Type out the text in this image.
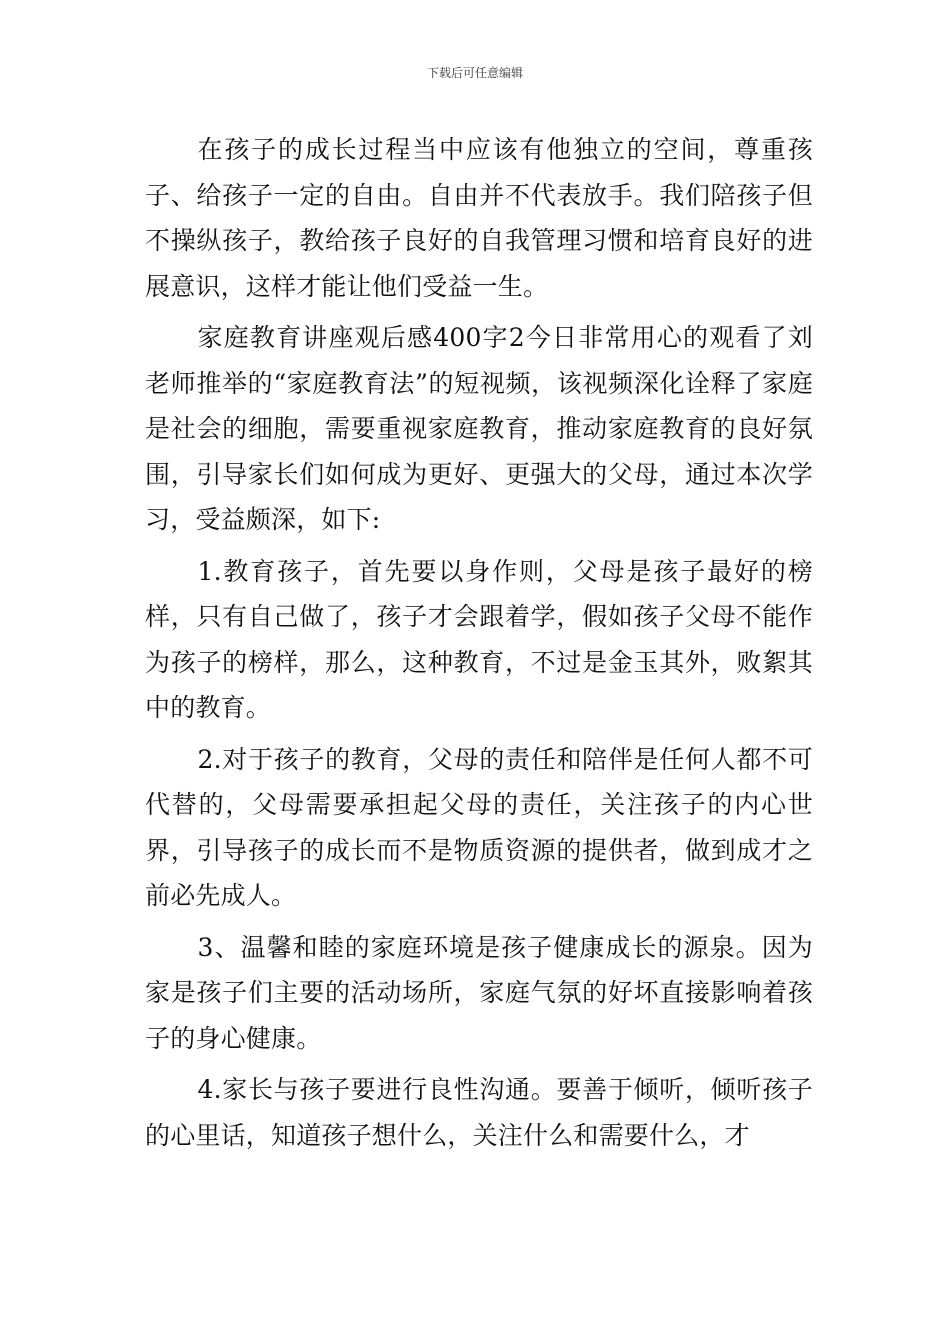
下载后可任意编辑

在孩子的成长过程当中应该有他独立的空间，尊重孩子、给孩子一定的自由。自由并不代表放手。我们陪孩子但不操纵孩子，教给孩子良好的自我管理习惯和培育良好的进展意识，这样才能让他们受益一生。

家庭教育讲座观后感400字2今日非常用心的观看了刘老师推举的“家庭教育法”的短视频，该视频深化诠释了家庭是社会的细胞，需要重视家庭教育，推动家庭教育的良好氛围，引导家长们如何成为更好、更强大的父母，通过本次学习，受益颇深，如下:

1.教育孩子，首先要以身作则，父母是孩子最好的榜样，只有自己做了，孩子才会跟着学，假如孩子父母不能作为孩子的榜样，那么，这种教育，不过是金玉其外，败絮其中的教育。

2.对于孩子的教育，父母的责任和陪伴是任何人都不可代替的，父母需要承担起父母的责任，关注孩子的内心世界，引导孩子的成长而不是物质资源的提供者，做到成才之前必先成人。

3、温馨和睦的家庭环境是孩子健康成长的源泉。因为家是孩子们主要的活动场所，家庭气氛的好坏直接影响着孩子的身心健康。

4.家长与孩子要进行良性沟通。要善于倾听，倾听孩子的心里话，知道孩子想什么，关注什么和需要什么，才
